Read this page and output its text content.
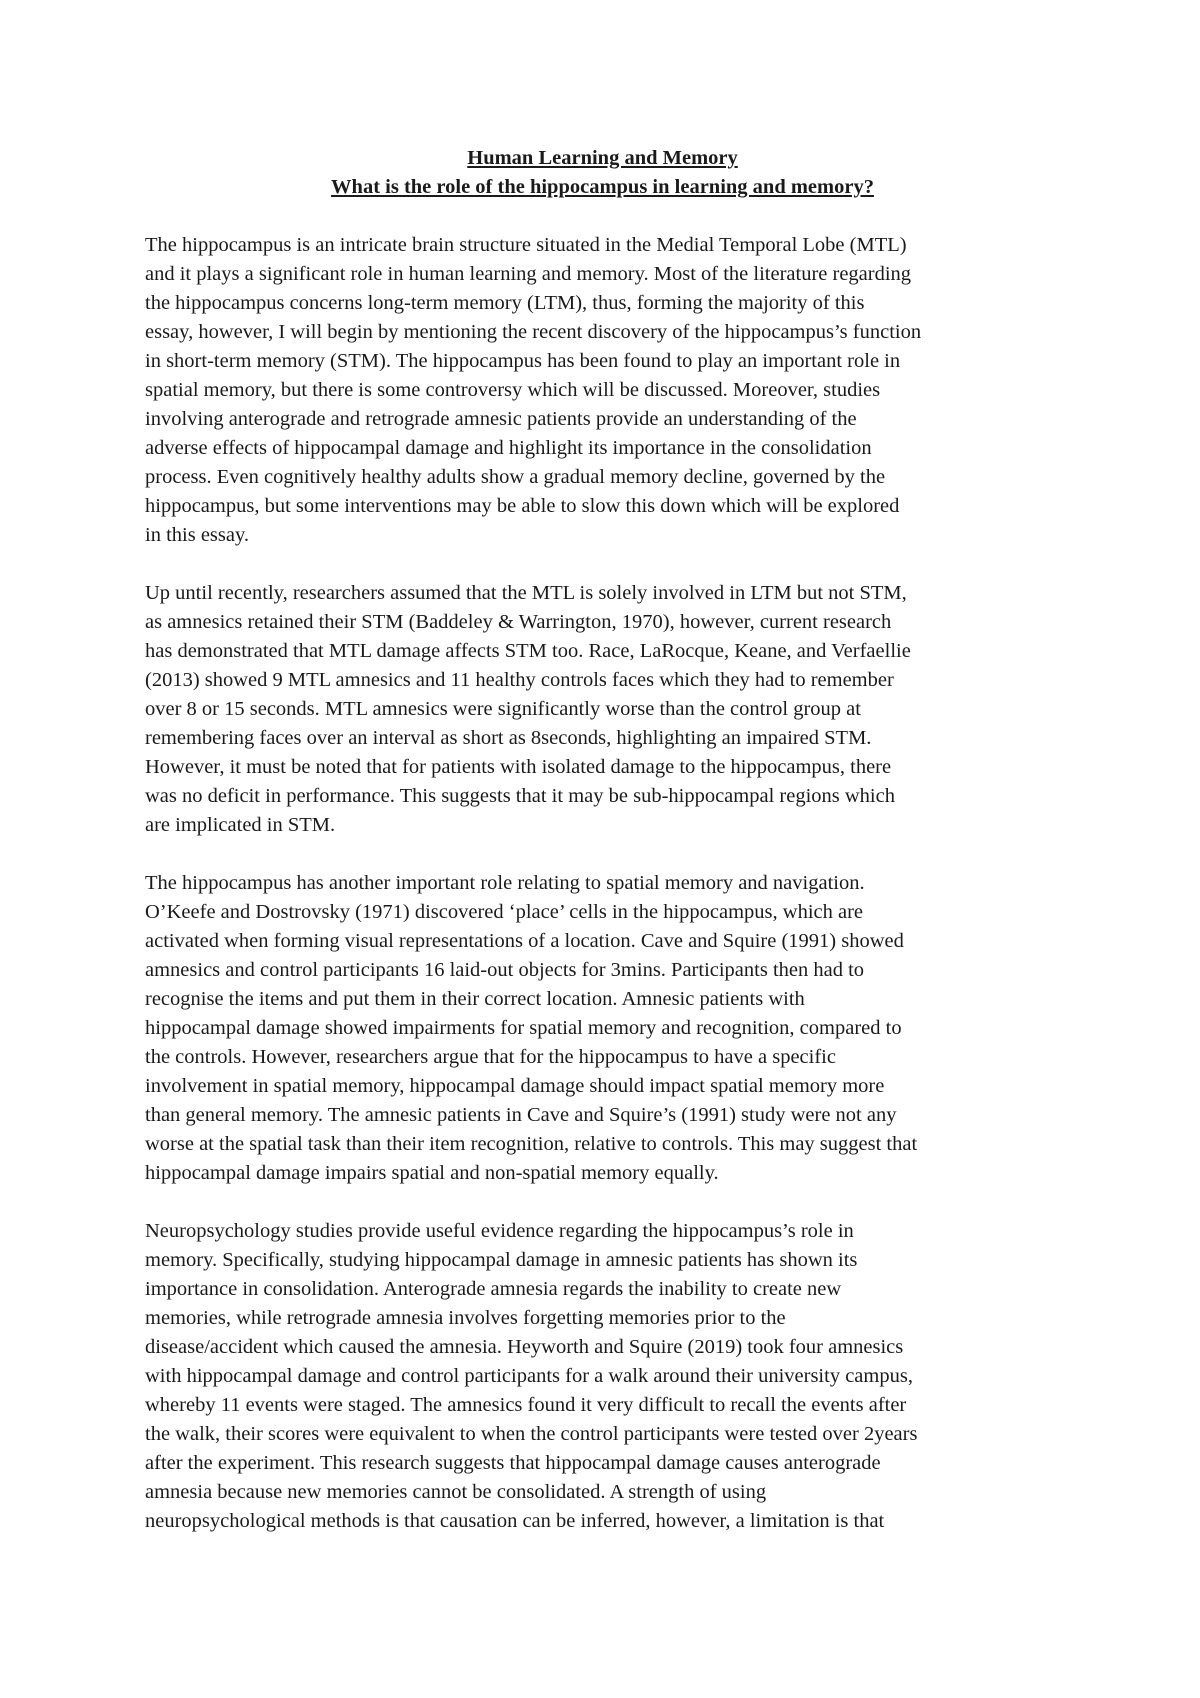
Human Learning and Memory

What is the role of the hippocampus in learning and memory?

The hippocampus is an intricate brain structure situated in the Medial Temporal Lobe (MTL)
and it plays a significant role in human learning and memory. Most of the literature regarding
the hippocampus concerns long-term memory (LTM), thus, forming the majority of this
essay, however, I will begin by mentioning the recent discovery of the hippocampus’s function
in short-term memory (STM). The hippocampus has been found to play an important role in
spatial memory, but there is some controversy which will be discussed. Moreover, studies
involving anterograde and retrograde amnesic patients provide an understanding of the
adverse effects of hippocampal damage and highlight its importance in the consolidation
process. Even cognitively healthy adults show a gradual memory decline, governed by the
hippocampus, but some interventions may be able to slow this down which will be explored
in this essay.
Up until recently, researchers assumed that the MTL is solely involved in LTM but not STM,
as amnesics retained their STM (Baddeley & Warrington, 1970), however, current research
has demonstrated that MTL damage affects STM too. Race, LaRocque, Keane, and Verfaellie
(2013) showed 9 MTL amnesics and 11 healthy controls faces which they had to remember
over 8 or 15 seconds. MTL amnesics were significantly worse than the control group at
remembering faces over an interval as short as 8seconds, highlighting an impaired STM.
However, it must be noted that for patients with isolated damage to the hippocampus, there
was no deficit in performance. This suggests that it may be sub-hippocampal regions which
are implicated in STM.
The hippocampus has another important role relating to spatial memory and navigation.
O’Keefe and Dostrovsky (1971) discovered ‘place’ cells in the hippocampus, which are
activated when forming visual representations of a location. Cave and Squire (1991) showed
amnesics and control participants 16 laid-out objects for 3mins. Participants then had to
recognise the items and put them in their correct location. Amnesic patients with
hippocampal damage showed impairments for spatial memory and recognition, compared to
the controls. However, researchers argue that for the hippocampus to have a specific
involvement in spatial memory, hippocampal damage should impact spatial memory more
than general memory. The amnesic patients in Cave and Squire’s (1991) study were not any
worse at the spatial task than their item recognition, relative to controls. This may suggest that
hippocampal damage impairs spatial and non-spatial memory equally.
Neuropsychology studies provide useful evidence regarding the hippocampus’s role in
memory. Specifically, studying hippocampal damage in amnesic patients has shown its
importance in consolidation. Anterograde amnesia regards the inability to create new
memories, while retrograde amnesia involves forgetting memories prior to the
disease/accident which caused the amnesia. Heyworth and Squire (2019) took four amnesics
with hippocampal damage and control participants for a walk around their university campus,
whereby 11 events were staged. The amnesics found it very difficult to recall the events after
the walk, their scores were equivalent to when the control participants were tested over 2years
after the experiment. This research suggests that hippocampal damage causes anterograde
amnesia because new memories cannot be consolidated. A strength of using
neuropsychological methods is that causation can be inferred, however, a limitation is that
